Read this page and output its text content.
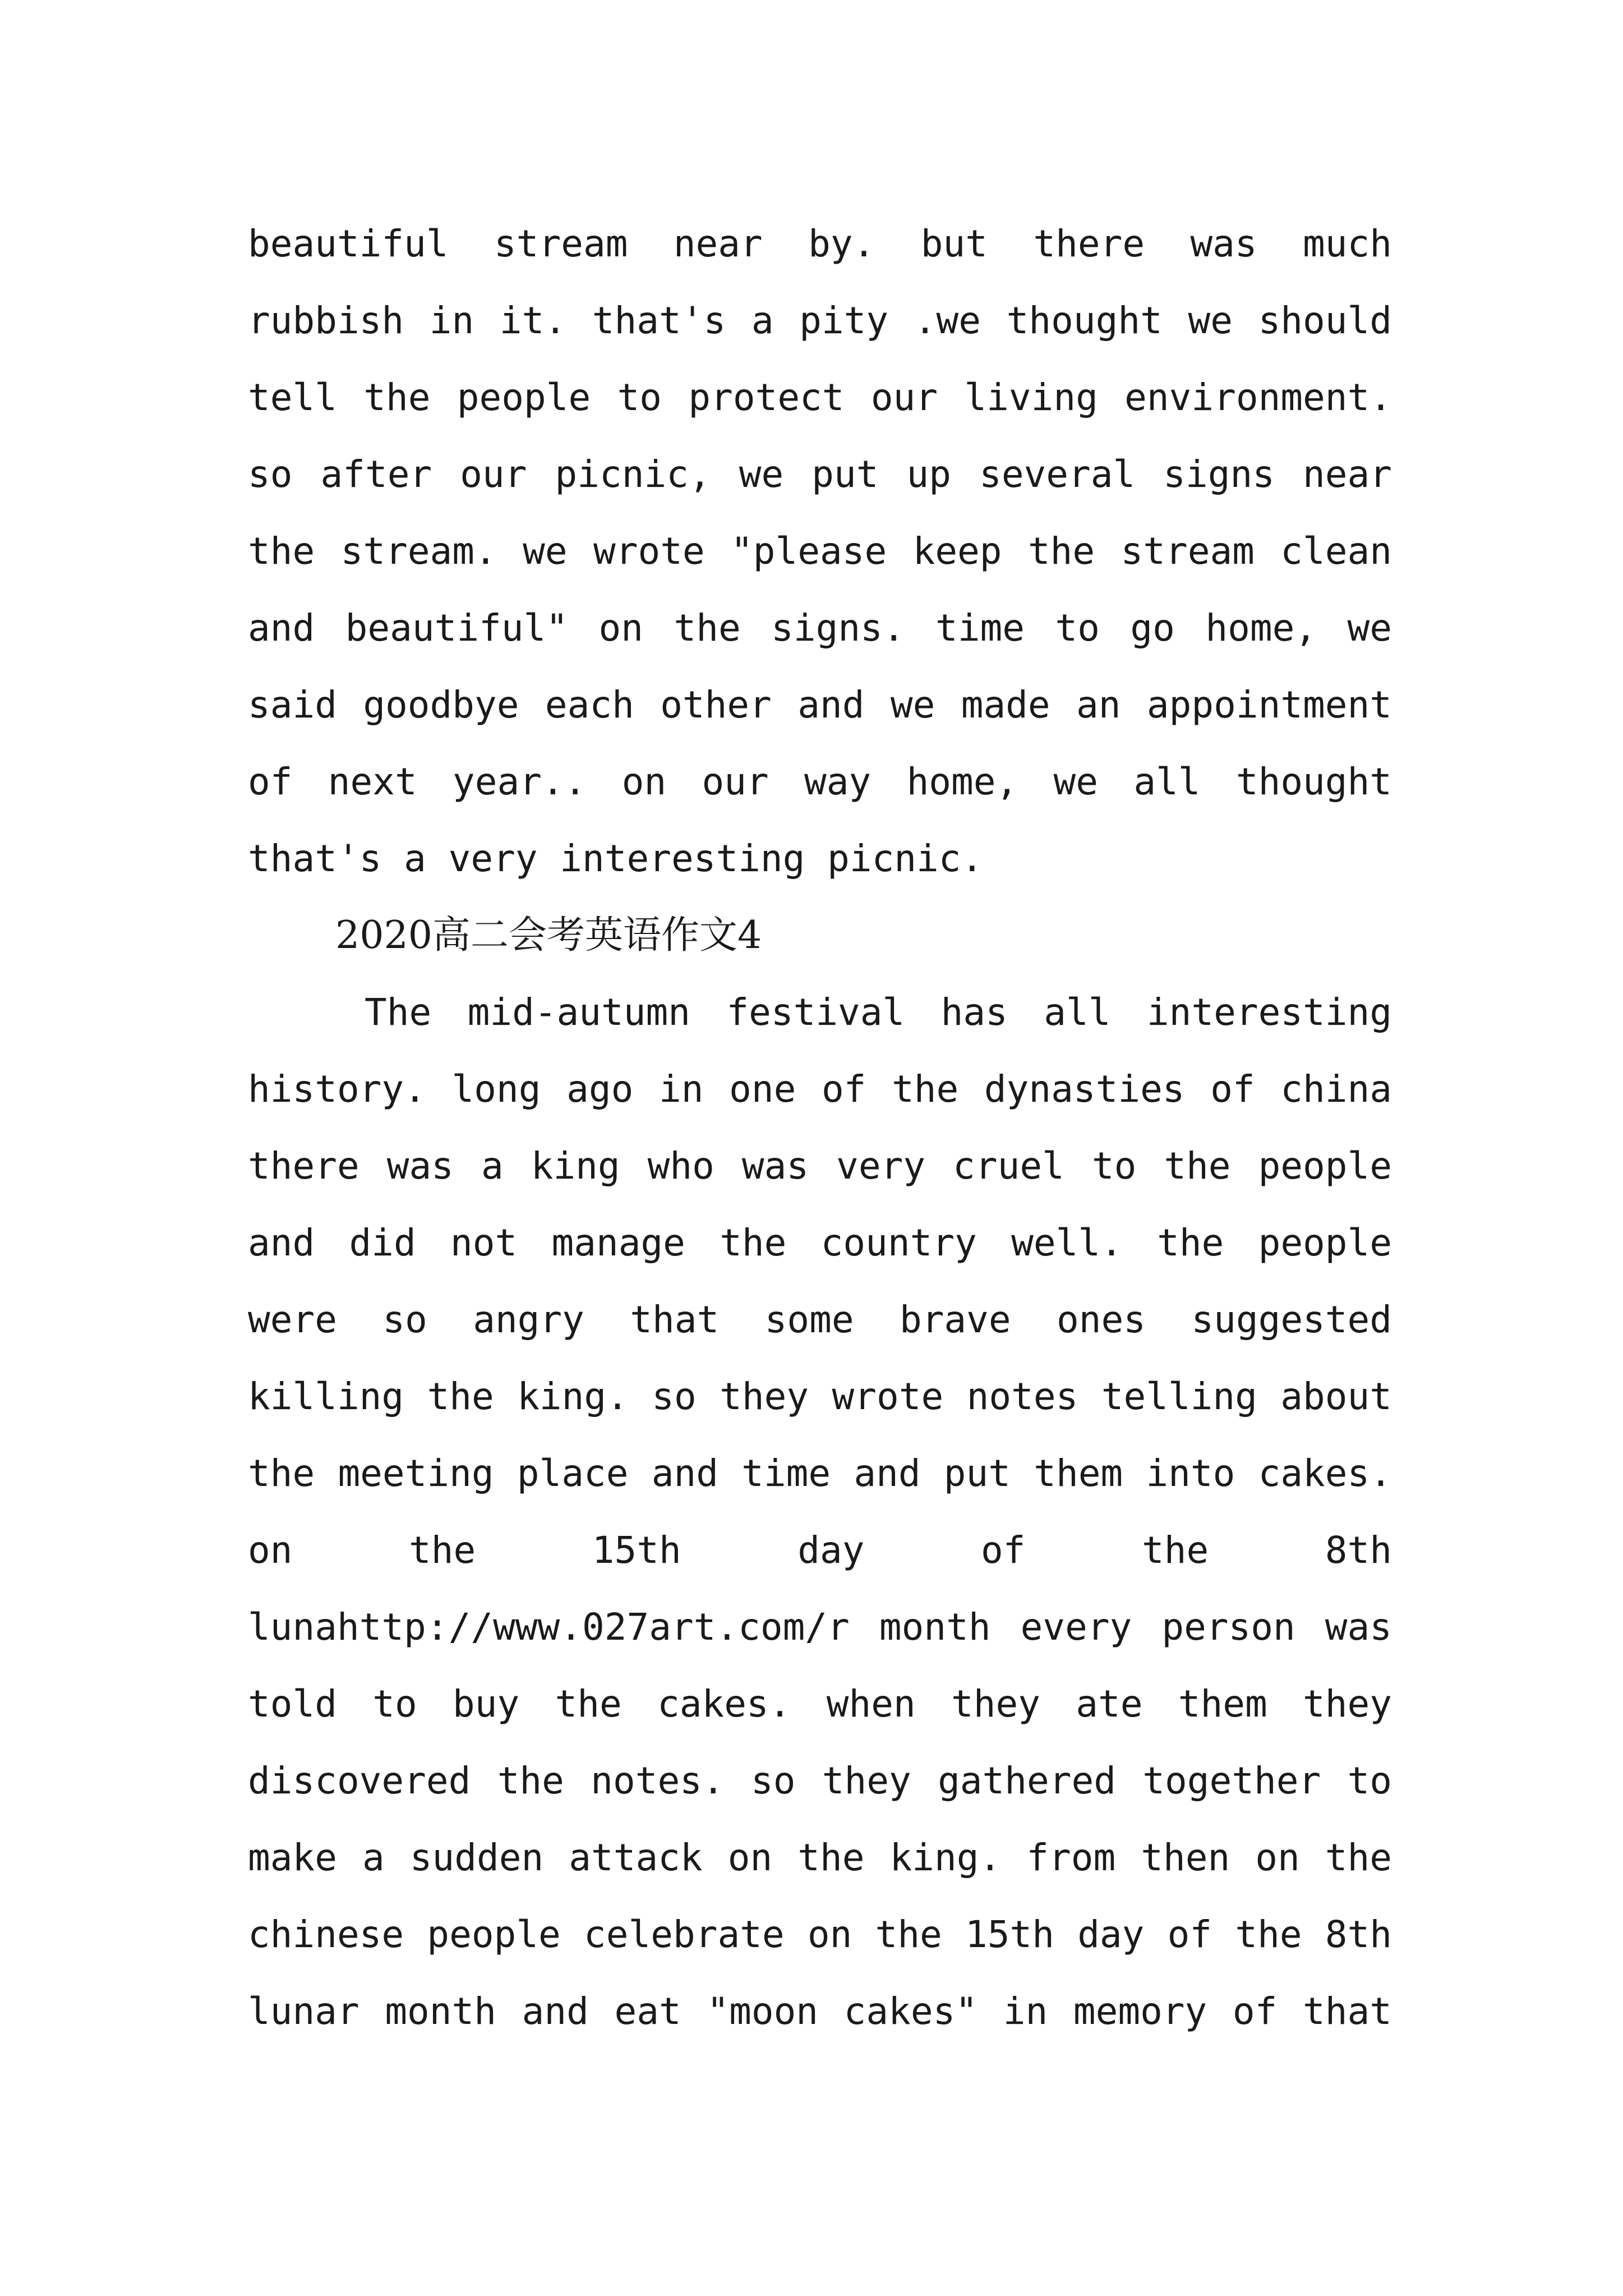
beautiful stream near by. but there was much
rubbish in it. that's a pity .we thought we should
tell the people to protect our living environment.
so after our picnic, we put up several signs near
the stream. we wrote "please keep the stream clean
and beautiful" on the signs. time to go home, we
said goodbye each other and we made an appointment
of next year.. on our way home, we all thought
that's a very interesting picnic.
2020高二会考英语作文4
The mid-autumn festival has all interesting
history. long ago in one of the dynasties of china
there was a king who was very cruel to the people
and did not manage the country well. the people
were so angry that some brave ones suggested
killing the king. so they wrote notes telling about
the meeting place and time and put them into cakes.
on the 15th day of the 8th
lunahttp://www.027art.com/r month every person was
told to buy the cakes. when they ate them they
discovered the notes. so they gathered together to
make a sudden attack on the king. from then on the
chinese people celebrate on the 15th day of the 8th
lunar month and eat "moon cakes" in memory of that
